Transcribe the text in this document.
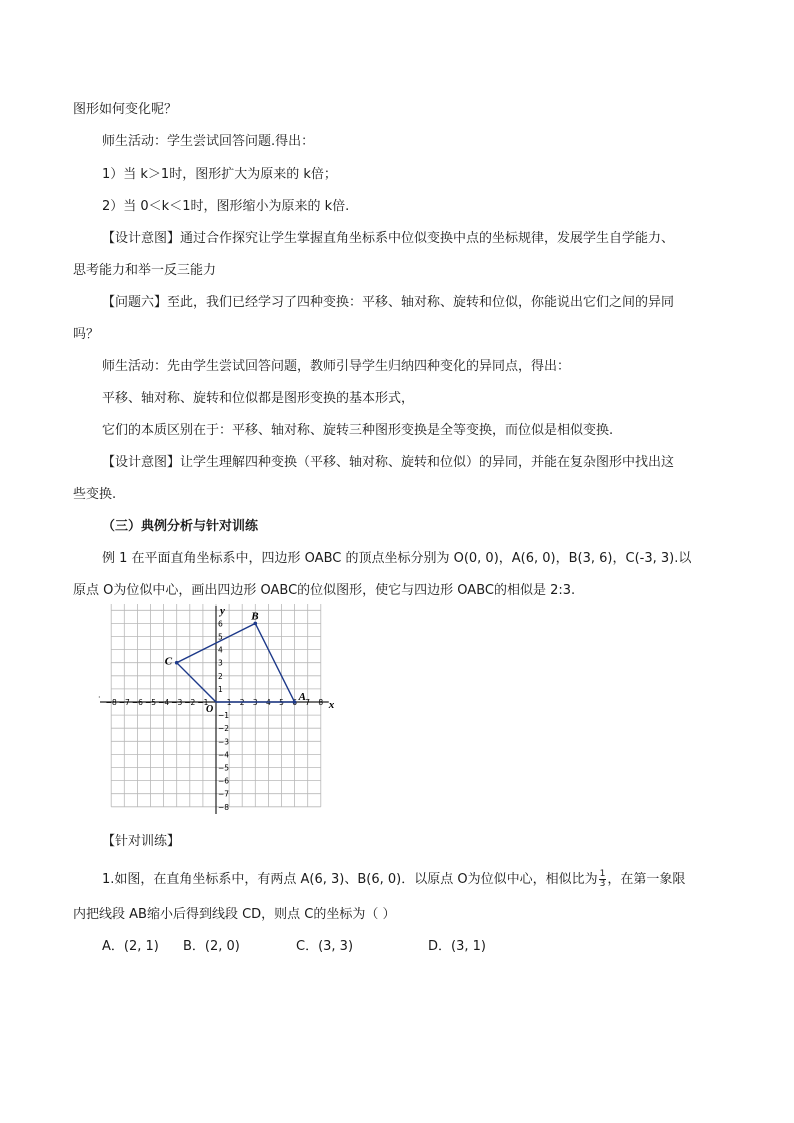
图形如何变化呢？
师生活动：学生尝试回答问题.得出：
1）当 k＞1时，图形扩大为原来的 k倍；
2）当 0＜k＜1时，图形缩小为原来的 k倍.
【设计意图】通过合作探究让学生掌握直角坐标系中位似变换中点的坐标规律，发展学生自学能力、
思考能力和举一反三能力
【问题六】至此，我们已经学习了四种变换：平移、轴对称、旋转和位似，你能说出它们之间的异同
吗？
师生活动：先由学生尝试回答问题，教师引导学生归纳四种变化的异同点，得出：
平移、轴对称、旋转和位似都是图形变换的基本形式，
它们的本质区别在于：平移、轴对称、旋转三种图形变换是全等变换，而位似是相似变换.
【设计意图】让学生理解四种变换（平移、轴对称、旋转和位似）的异同，并能在复杂图形中找出这
些变换.
（三）典例分析与针对训练
例 1 在平面直角坐标系中，四边形 OABC 的顶点坐标分别为 O(0, 0)，A(6, 0)，B(3, 6)，C(-3, 3).以
原点 O为位似中心，画出四边形 OABC的位似图形，使它与四边形 OABC的相似是 2:3.
x
y
O
·
−8 −7 −6 −5 −4 −3 −2 −1 1 2 3 4 5	7 8
6
5
4
3
2
1
−1
−2
−3
−4
−5
−6
−7
−8
A
B
C
【针对训练】
1.如图，在直角坐标系中，有两点 A(6, 3)、B(6, 0)．以原点 O为位似中心，相似比为 $\frac{1}{3}$ ，在第一象限
内把线段 AB缩小后得到线段 CD，则点 C的坐标为（ ）
A．(2, 1) B．(2, 0)	C．(3, 3)	D．(3, 1)
